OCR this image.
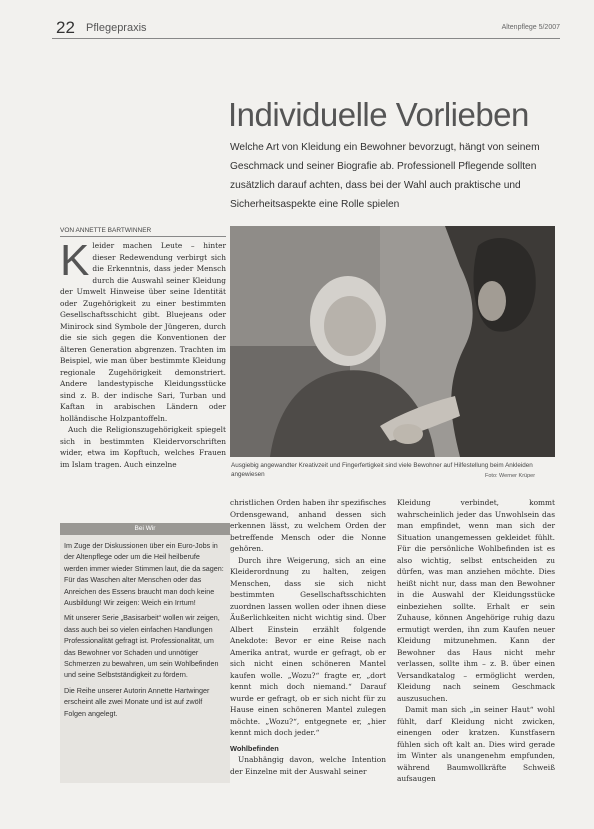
22 Pflegepraxis	Altenpflege 5/2007
Individuelle Vorlieben
Welche Art von Kleidung ein Bewohner bevorzugt, hängt von seinem Geschmack und seiner Biografie ab. Professionell Pflegende sollten zusätzlich darauf achten, dass bei der Wahl auch praktische und Sicherheitsaspekte eine Rolle spielen
VON ANNETTE BARTWINNER
K leider machen Leute – hinter dieser Redewendung verbirgt sich die Erkenntnis, dass jeder Mensch durch die Auswahl seiner Kleidung der Umwelt Hinweise über seine Identität oder Zugehörigkeit zu einer bestimmten Gesellschaftsschicht gibt. Bluejeans oder Minirock sind Symbole der Jüngeren, durch die sie sich gegen die Konventionen der älteren Generation abgrenzen. Trachten im Beispiel, wie man über bestimmte Kleidung regionale Zugehörigkeit demonstriert. Andere landestypische Kleidungsstücke sind z. B. der indische Sari, Turban und Kaftan in arabischen Ländern oder holländische Holzpantoffeln.

Auch die Religionszugehörigkeit spiegelt sich in bestimmten Kleidervorschriften wider, etwa im Kopftuch, welches Frauen im Islam tragen. Auch einzelne	Ausgiebig angewandter Kreativzeit und Fingerfertigkeit sind viele Bewohner auf Hilfestellung beim Ankleiden angewiesen	Foto: Werner Krüper
Bei Wir

Im Zuge der Diskussionen über ein Euro-Jobs in der Altenpflege oder um die Heil heilberufe werden immer wieder Stimmen laut, die da sagen: Für das Waschen alter Menschen oder das Anreichen des Essens braucht man doch keine Ausbildung! Wir zeigen: Weich ein Irrtum!

Mit unserer Serie „Basisarbeit“ wollen wir zeigen, dass auch bei so vielen einfachen Handlungen Professionalität gefragt ist. Professionalität, um das Bewohner vor Schaden und unnötiger Schmerzen zu bewahren, um sein Wohlbefinden und seine Selbstständigkeit zu fördern.

Die Reihe unserer Autorin Annette Hartwinger erscheint alle zwei Monate und ist auf zwölf Folgen angelegt.

christlichen Orden haben ihr spezifisches Ordensgewand, anhand dessen sich erkennen lässt, zu welchem Orden der betreffende Mensch oder die Nonne gehören.

Durch ihre Weigerung, sich an eine Kleiderordnung zu halten, zeigen Menschen, dass sie sich nicht bestimmten Gesellschaftsschichten zuordnen lassen wollen oder ihnen diese Äußerlichkeiten nicht wichtig sind. Über Albert Einstein erzählt folgende Anekdote: Bevor er eine Reise nach Amerika antrat, wurde er gefragt, ob er sich nicht einen schöneren Mantel kaufen wolle. „Wozu?“ fragte er, „dort kennt mich doch niemand.“ Darauf wurde er gefragt, ob er sich nicht für zu Hause einen schöneren Mantel zulegen möchte. „Wozu?“, entgegnete er, „hier kennt mich doch jeder.“

Wohlbefinden

Unabhängig davon, welche Intention der Einzelne mit der Auswahl seiner

Kleidung verbindet, kommt wahrscheinlich jeder das Unwohlsein das man empfindet, wenn man sich der Situation unangemessen gekleidet fühlt. Für die persönliche Wohlbefinden ist es also wichtig, selbst entscheiden zu dürfen, was man anziehen möchte. Dies heißt nicht nur, dass man den Bewohner in die Auswahl der Kleidungsstücke einbeziehen sollte. Erhalt er sein Zuhause, können Angehörige ruhig dazu ermutigt werden, ihn zum Kaufen neuer Kleidung mitzunehmen. Kann der Bewohner das Haus nicht mehr verlassen, sollte ihm – z. B. über einen Versandkatalog – ermöglicht werden, Kleidung nach seinem Geschmack auszusuchen.

Damit man sich „in seiner Haut“ wohl fühlt, darf Kleidung nicht zwicken, einengen oder kratzen. Kunstfasern fühlen sich oft kalt an. Dies wird gerade im Winter als unangenehm empfunden, während Baumwollkräfte Schweiß aufsaugen
